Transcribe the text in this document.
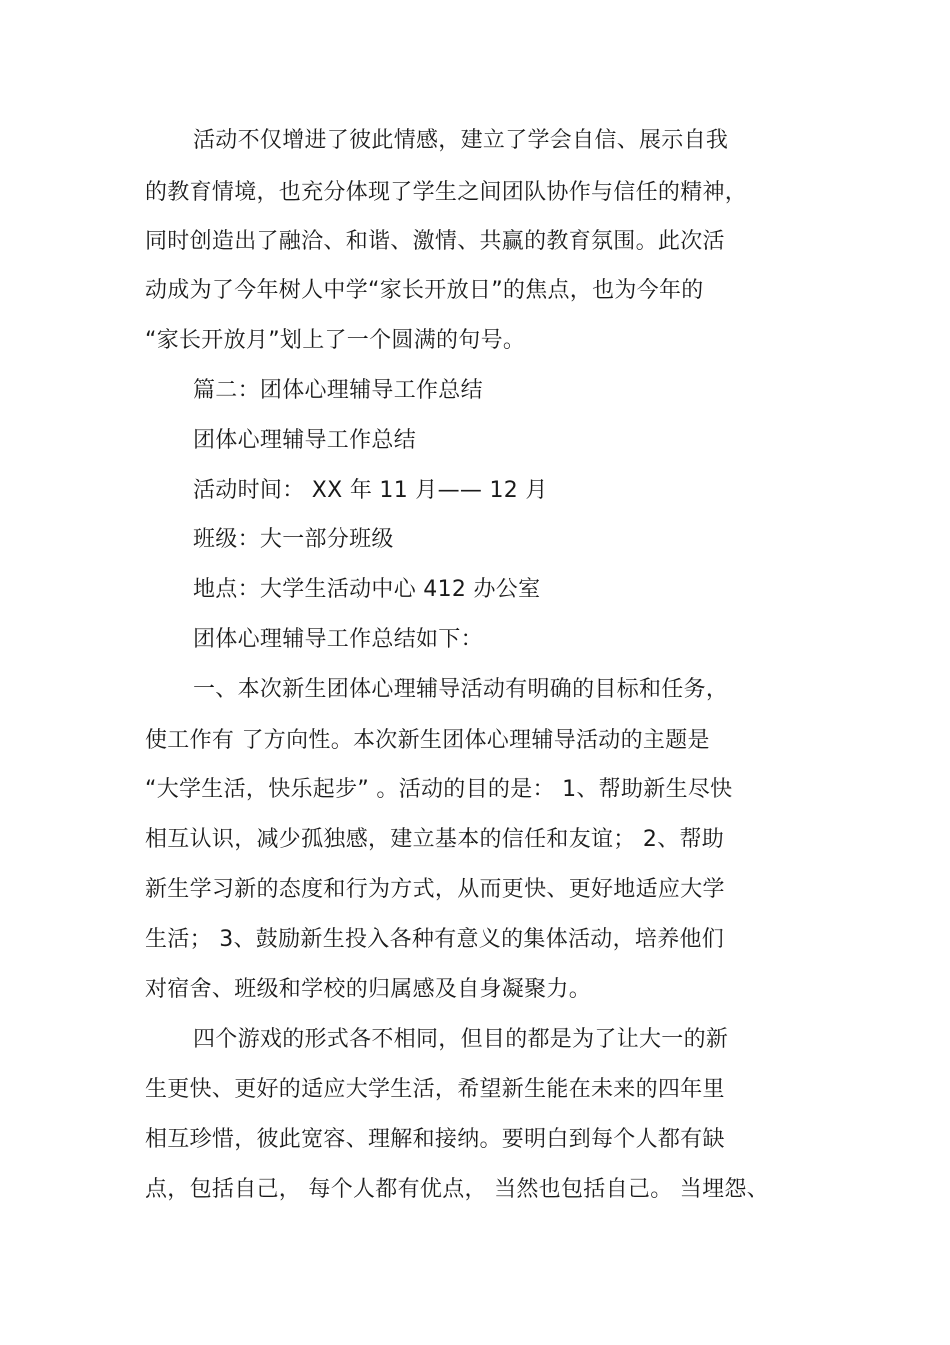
活动不仅增进了彼此情感，建立了学会自信、展示自我
的教育情境，也充分体现了学生之间团队协作与信任的精神，
同时创造出了融洽、和谐、激情、共赢的教育氛围。此次活
动成为了今年树人中学“家长开放日”的焦点，也为今年的
“家长开放月”划上了一个圆满的句号。
篇二：团体心理辅导工作总结
团体心理辅导工作总结
活动时间： XX 年 11 月—— 12 月
班级：大一部分班级
地点：大学生活动中心 412 办公室
团体心理辅导工作总结如下：
一、本次新生团体心理辅导活动有明确的目标和任务，
使工作有 了方向性。本次新生团体心理辅导活动的主题是
“大学生活，快乐起步” 。活动的目的是： 1、帮助新生尽快
相互认识，减少孤独感，建立基本的信任和友谊； 2、帮助
新生学习新的态度和行为方式，从而更快、更好地适应大学
生活； 3、鼓励新生投入各种有意义的集体活动，培养他们
对宿舍、班级和学校的归属感及自身凝聚力。
四个游戏的形式各不相同，但目的都是为了让大一的新
生更快、更好的适应大学生活，希望新生能在未来的四年里
相互珍惜，彼此宽容、理解和接纳。要明白到每个人都有缺
点，包括自己， 每个人都有优点， 当然也包括自己。 当埋怨、
